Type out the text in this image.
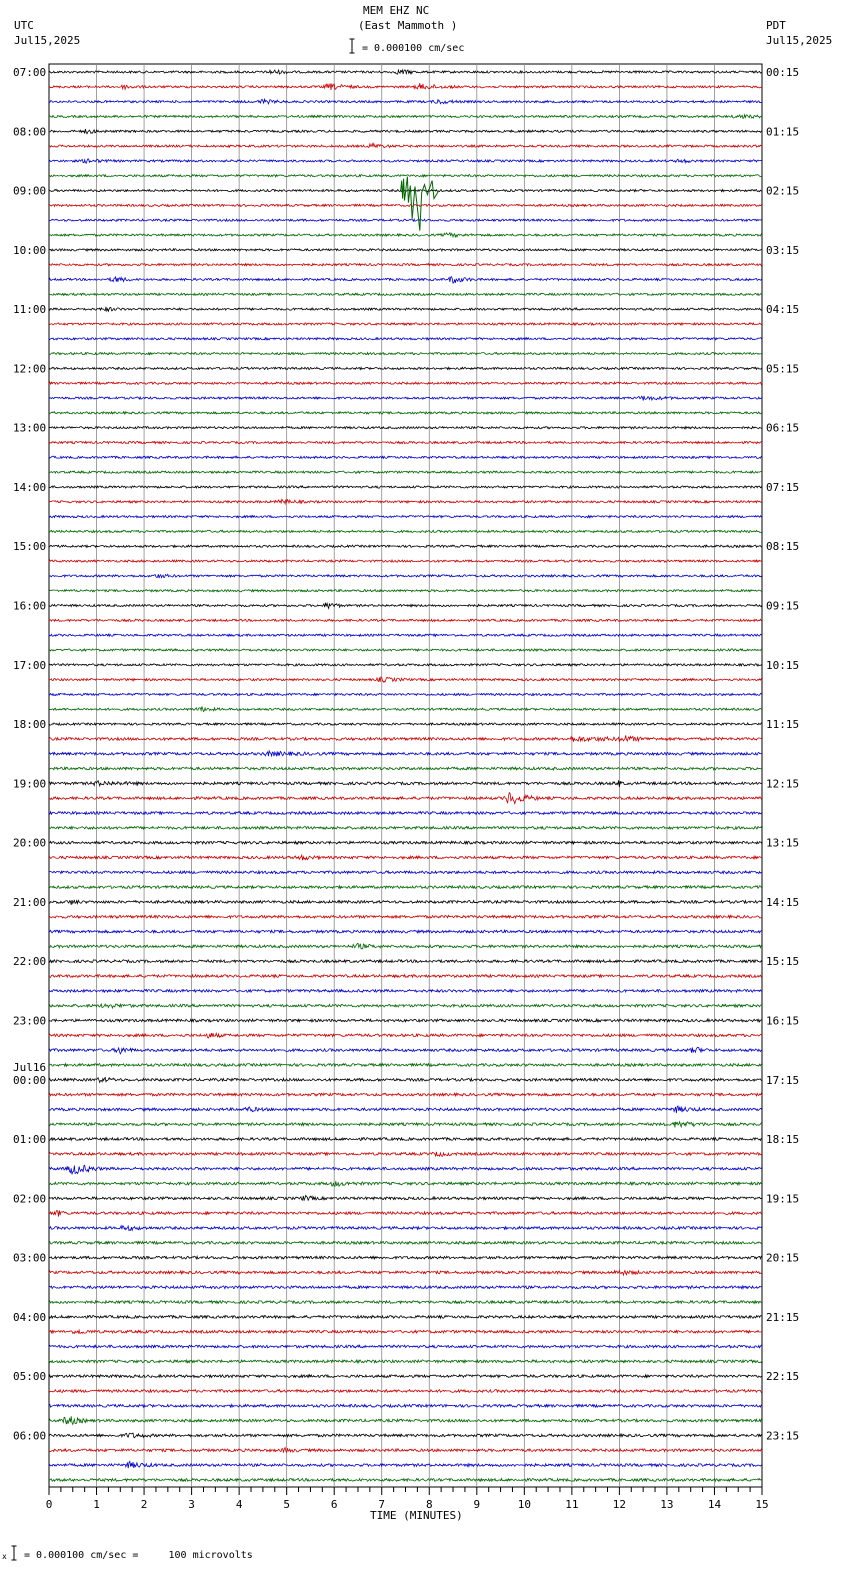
UTC
Jul15,2025
PDT
Jul15,2025
MEM EHZ NC
(East Mammoth )
= 0.000100 cm/sec
07:00
08:00
09:00
10:00
11:00
12:00
13:00
14:00
15:00
16:00
17:00
18:00
19:00
20:00
21:00
22:00
23:00
00:00
01:00
02:00
03:00
04:00
05:00
06:00
Jul16
00:15
01:15
02:15
03:15
04:15
05:15
06:15
07:15
08:15
09:15
10:15
11:15
12:15
13:15
14:15
15:15
16:15
17:15
18:15
19:15
20:15
21:15
22:15
23:15
0	1	2	3	4	5	6	7	8	9	10	11	12	13	14	15
TIME (MINUTES)
x = 0.000100 cm/sec =     100 microvolts
